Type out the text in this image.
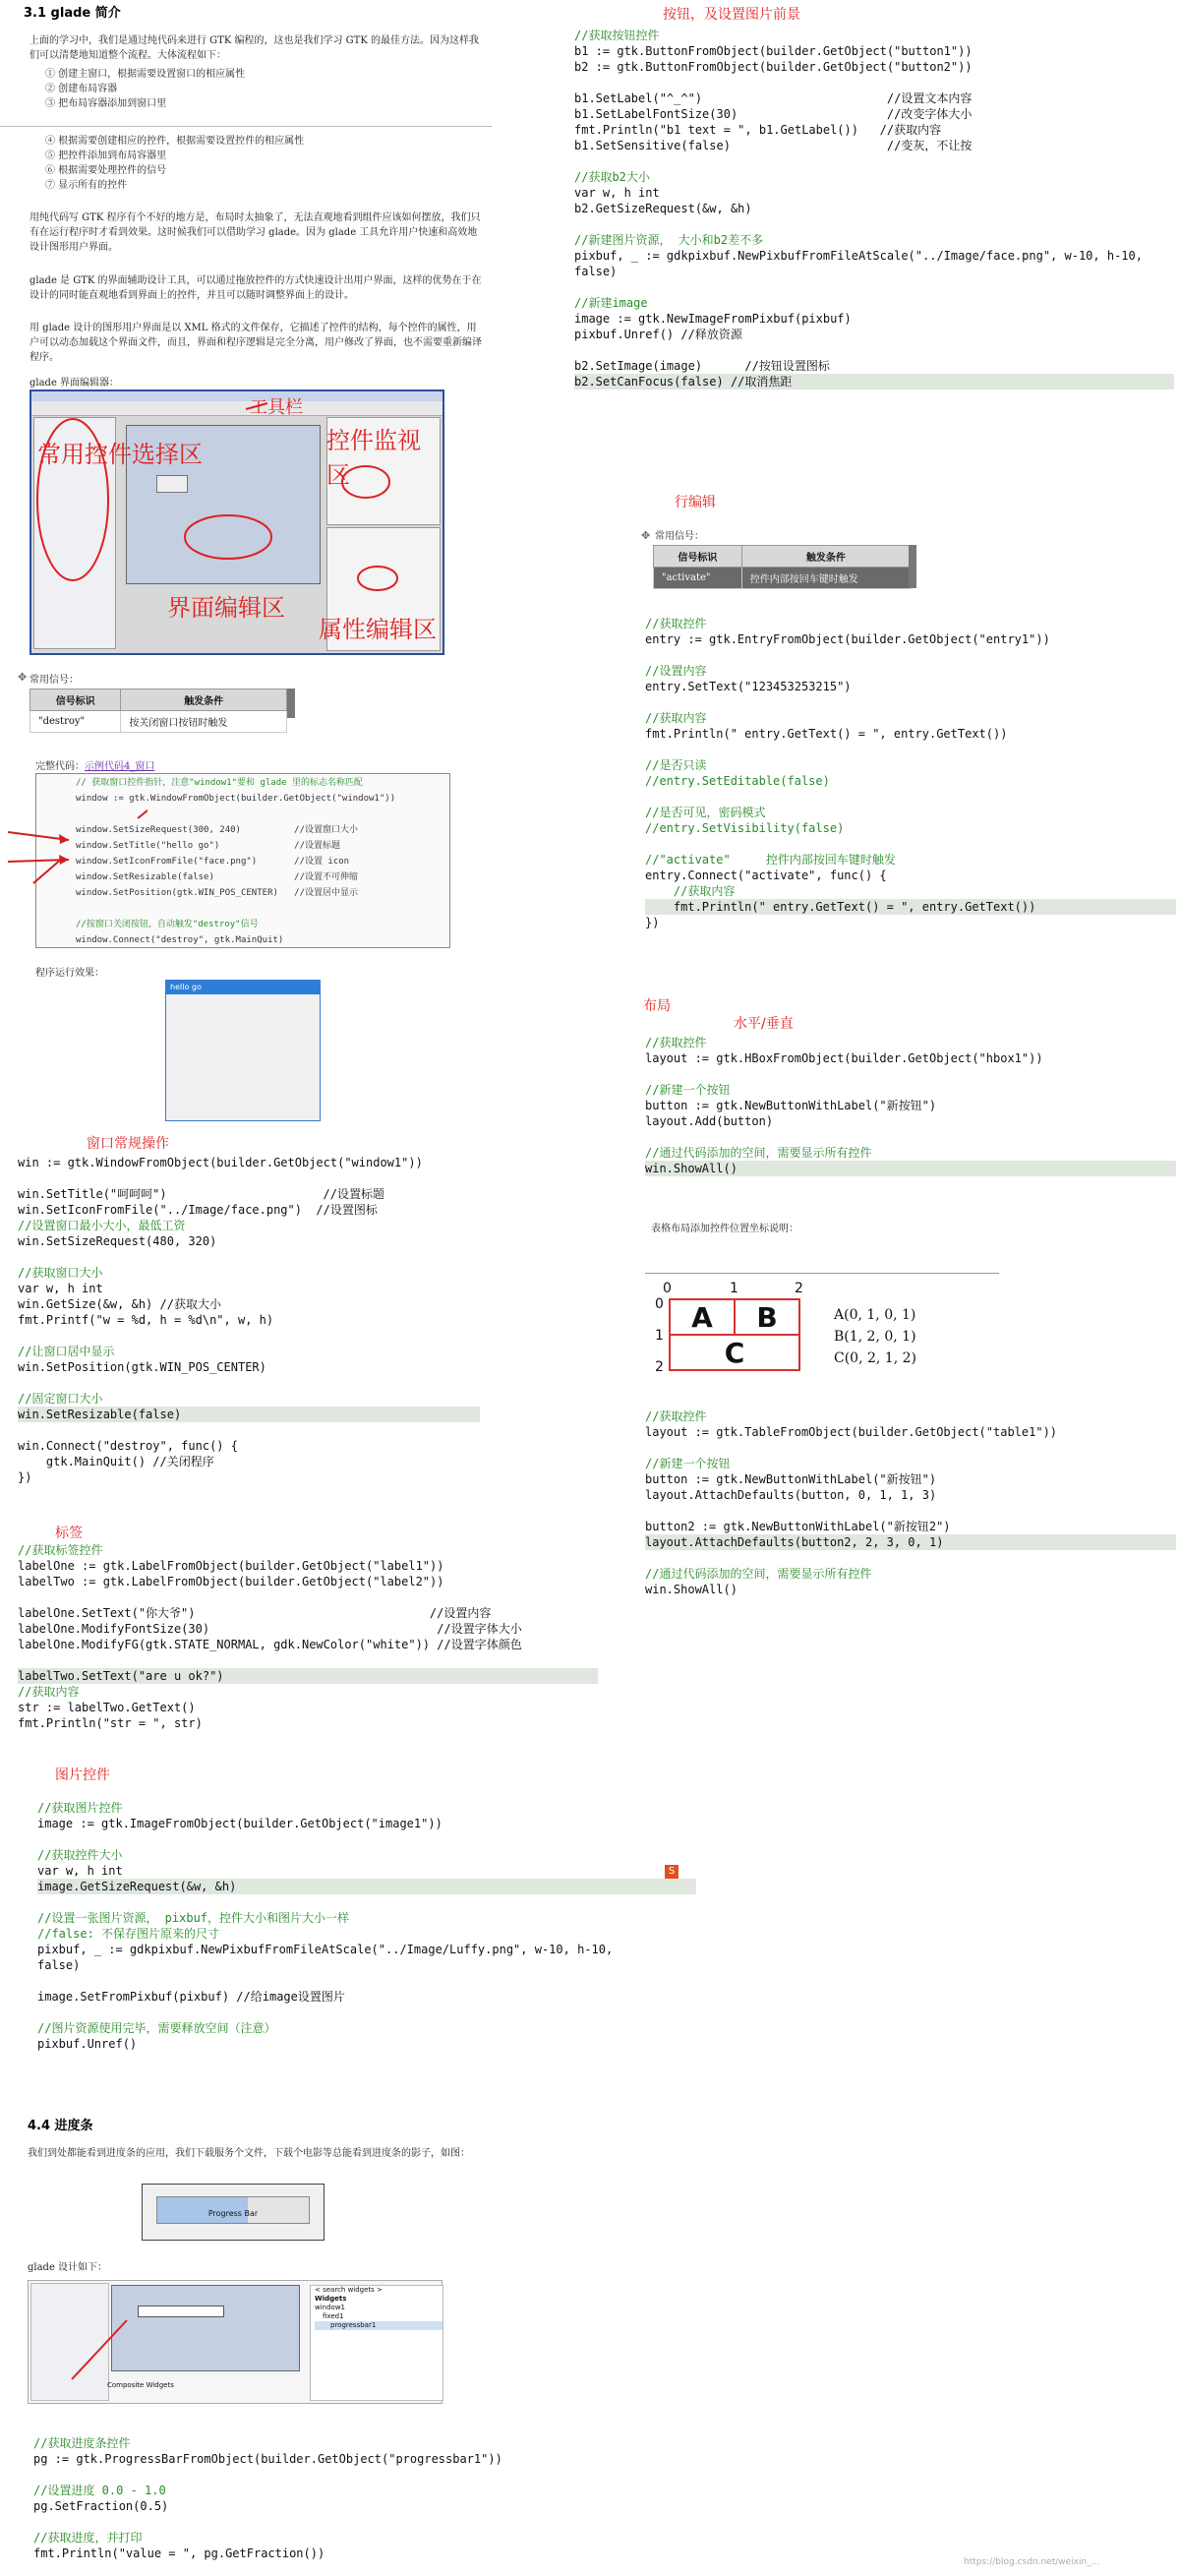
3.1 glade 简介
上面的学习中，我们是通过纯代码来进行 GTK 编程的，这也是我们学习 GTK 的最佳方法。因为这样我们可以清楚地知道整个流程。大体流程如下：
① 创建主窗口，根据需要设置窗口的相应属性
② 创建布局容器
③ 把布局容器添加到窗口里
④ 根据需要创建相应的控件，根据需要设置控件的相应属性
⑤ 把控件添加到布局容器里
⑥ 根据需要处理控件的信号
⑦ 显示所有的控件
用纯代码写 GTK 程序有个不好的地方是，布局时太抽象了，无法直观地看到组件应该如何摆放，我们只有在运行程序时才看到效果。这时候我们可以借助学习 glade。因为 glade 工具允许用户快速和高效地设计图形用户界面。
glade 是 GTK 的界面辅助设计工具，可以通过拖放控件的方式快速设计出用户界面，这样的优势在于在设计的同时能直观地看到界面上的控件，并且可以随时调整界面上的设计。
用 glade 设计的图形用户界面是以 XML 格式的文件保存，它描述了控件的结构，每个控件的属性，用户可以动态加载这个界面文件，而且，界面和程序逻辑是完全分离，用户修改了界面，也不需要重新编译程序。
glade 界面编辑器：
工具栏
常用控件选择区	控件监视区
界面编辑区
属性编辑区
✥ 常用信号：
信号标识	触发条件
"destroy"	按关闭窗口按钮时触发
完整代码：示例代码4_窗口
// 获取窗口控件指针，注意"window1"要和 glade 里的标志名称匹配
window := gtk.WindowFromObject(builder.GetObject("window1"))

window.SetSizeRequest(300, 240)          //设置窗口大小
window.SetTitle("hello go")              //设置标题
window.SetIconFromFile("face.png")       //设置 icon
window.SetResizable(false)               //设置不可伸缩
window.SetPosition(gtk.WIN_POS_CENTER)   //设置居中显示

//按窗口关闭按钮，自动触发"destroy"信号
window.Connect("destroy", gtk.MainQuit)
程序运行效果：
hello go
窗口常规操作
win := gtk.WindowFromObject(builder.GetObject("window1"))

win.SetTitle("呵呵呵")                      //设置标题
win.SetIconFromFile("../Image/face.png")  //设置图标
//设置窗口最小大小，最低工资
win.SetSizeRequest(480, 320)

//获取窗口大小
var w, h int
win.GetSize(&w, &h) //获取大小
fmt.Printf("w = %d, h = %d\n", w, h)

//让窗口居中显示
win.SetPosition(gtk.WIN_POS_CENTER)

//固定窗口大小
win.SetResizable(false)

win.Connect("destroy", func() {
gtk.MainQuit() //关闭程序
})
标签
//获取标签控件
labelOne := gtk.LabelFromObject(builder.GetObject("label1"))
labelTwo := gtk.LabelFromObject(builder.GetObject("label2"))

labelOne.SetText("你大爷")                                 //设置内容
labelOne.ModifyFontSize(30)                                //设置字体大小
labelOne.ModifyFG(gtk.STATE_NORMAL, gdk.NewColor("white")) //设置字体颜色

labelTwo.SetText("are u ok?")
//获取内容
str := labelTwo.GetText()
fmt.Println("str = ", str)
图片控件
//获取图片控件
image := gtk.ImageFromObject(builder.GetObject("image1"))

//获取控件大小
var w, h int
image.GetSizeRequest(&w, &h)

//设置一张图片资源， pixbuf，控件大小和图片大小一样
//false: 不保存图片原来的尺寸
pixbuf, _ := gdkpixbuf.NewPixbufFromFileAtScale("../Image/Luffy.png", w-10, h-10,
false)

image.SetFromPixbuf(pixbuf) //给image设置图片

//图片资源使用完毕，需要释放空间（注意）
pixbuf.Unref()
S
4.4 进度条
我们到处都能看到进度条的应用，我们下载服务个文件，下载个电影等总能看到进度条的影子，如图：
Progress Bar
glade 设计如下：
Composite Widgets
< search widgets >
Widgets
window1
fixed1
progressbar1
//获取进度条控件
pg := gtk.ProgressBarFromObject(builder.GetObject("progressbar1"))

//设置进度 0.0 - 1.0
pg.SetFraction(0.5)

//获取进度，并打印
fmt.Println("value = ", pg.GetFraction())
按钮，及设置图片前景
//获取按钮控件
b1 := gtk.ButtonFromObject(builder.GetObject("button1"))
b2 := gtk.ButtonFromObject(builder.GetObject("button2"))

b1.SetLabel("^_^")                          //设置文本内容
b1.SetLabelFontSize(30)                     //改变字体大小
fmt.Println("b1 text = ", b1.GetLabel())   //获取内容
b1.SetSensitive(false)                      //变灰，不让按

//获取b2大小
var w, h int
b2.GetSizeRequest(&w, &h)

//新建图片资源， 大小和b2差不多
pixbuf, _ := gdkpixbuf.NewPixbufFromFileAtScale("../Image/face.png", w-10, h-10,
false)

//新建image
image := gtk.NewImageFromPixbuf(pixbuf)
pixbuf.Unref() //释放资源

b2.SetImage(image)      //按钮设置图标
b2.SetCanFocus(false) //取消焦距
行编辑
✥ 常用信号：
信号标识	触发条件
"activate"	控件内部按回车键时触发
//获取控件
entry := gtk.EntryFromObject(builder.GetObject("entry1"))

//设置内容
entry.SetText("123453253215")

//获取内容
fmt.Println(" entry.GetText() = ", entry.GetText())

//是否只读
//entry.SetEditable(false)

//是否可见，密码模式
//entry.SetVisibility(false)

//"activate"     控件内部按回车键时触发
entry.Connect("activate", func() {
//获取内容
fmt.Println(" entry.GetText() = ", entry.GetText())
})
布局
水平/垂直
//获取控件
layout := gtk.HBoxFromObject(builder.GetObject("hbox1"))

//新建一个按钮
button := gtk.NewButtonWithLabel("新按钮")
layout.Add(button)

//通过代码添加的空间，需要显示所有控件
win.ShowAll()
表格布局添加控件位置坐标说明：
0	1	2
0
1
2
A	B
C
A(0, 1, 0, 1)
B(1, 2, 0, 1)
C(0, 2, 1, 2)
//获取控件
layout := gtk.TableFromObject(builder.GetObject("table1"))

//新建一个按钮
button := gtk.NewButtonWithLabel("新按钮")
layout.AttachDefaults(button, 0, 1, 1, 3)

button2 := gtk.NewButtonWithLabel("新按钮2")
layout.AttachDefaults(button2, 2, 3, 0, 1)

//通过代码添加的空间，需要显示所有控件
win.ShowAll()
https://blog.csdn.net/weixin_...
